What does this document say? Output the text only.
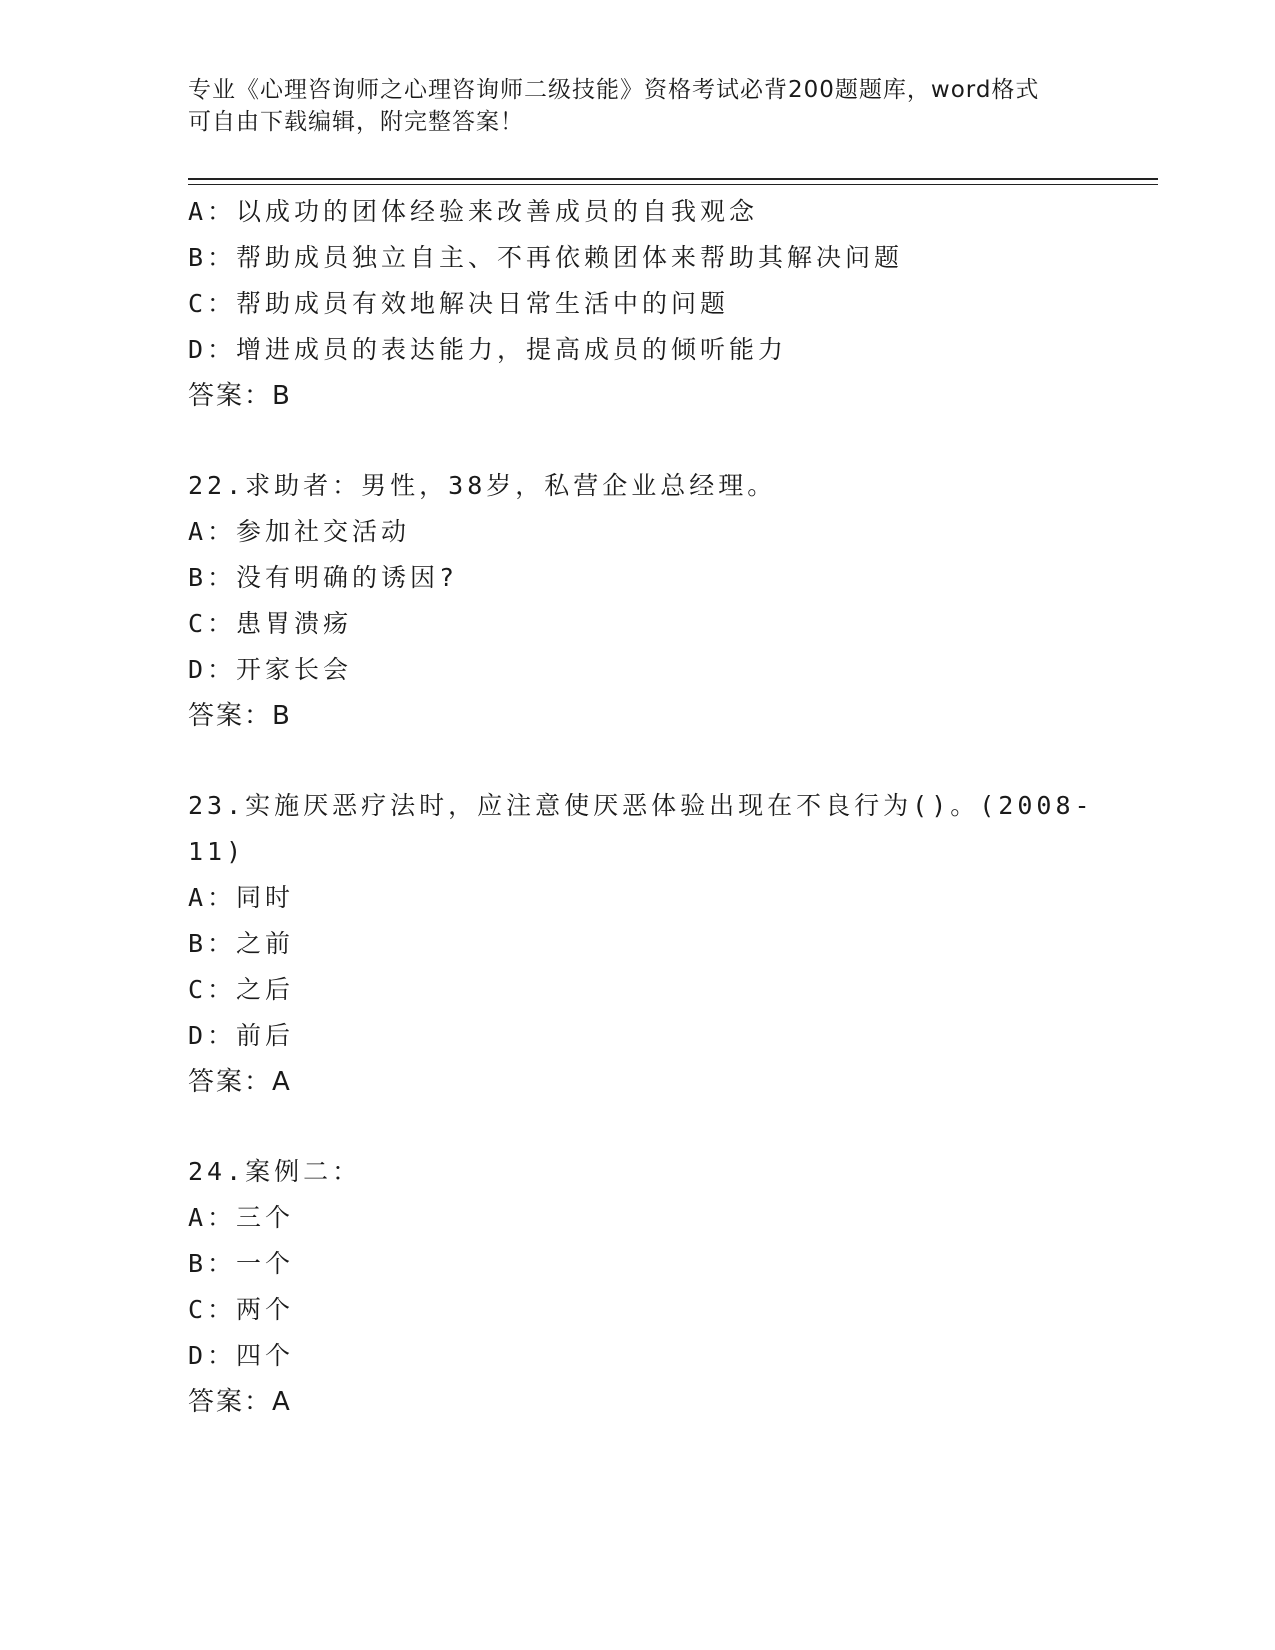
专业《心理咨询师之心理咨询师二级技能》资格考试必背200题题库，word格式
可自由下载编辑，附完整答案！
A：以成功的团体经验来改善成员的自我观念
B：帮助成员独立自主、不再依赖团体来帮助其解决问题
C：帮助成员有效地解决日常生活中的问题
D：增进成员的表达能力，提高成员的倾听能力
答案：B
22.求助者：男性，38岁，私营企业总经理。
A：参加社交活动
B：没有明确的诱因?
C：患胃溃疡
D：开家长会
答案：B
23.实施厌恶疗法时，应注意使厌恶体验出现在不良行为()。(2008-
11)
A：同时
B：之前
C：之后
D：前后
答案：A
24.案例二：
A：三个
B：一个
C：两个
D：四个
答案：A
